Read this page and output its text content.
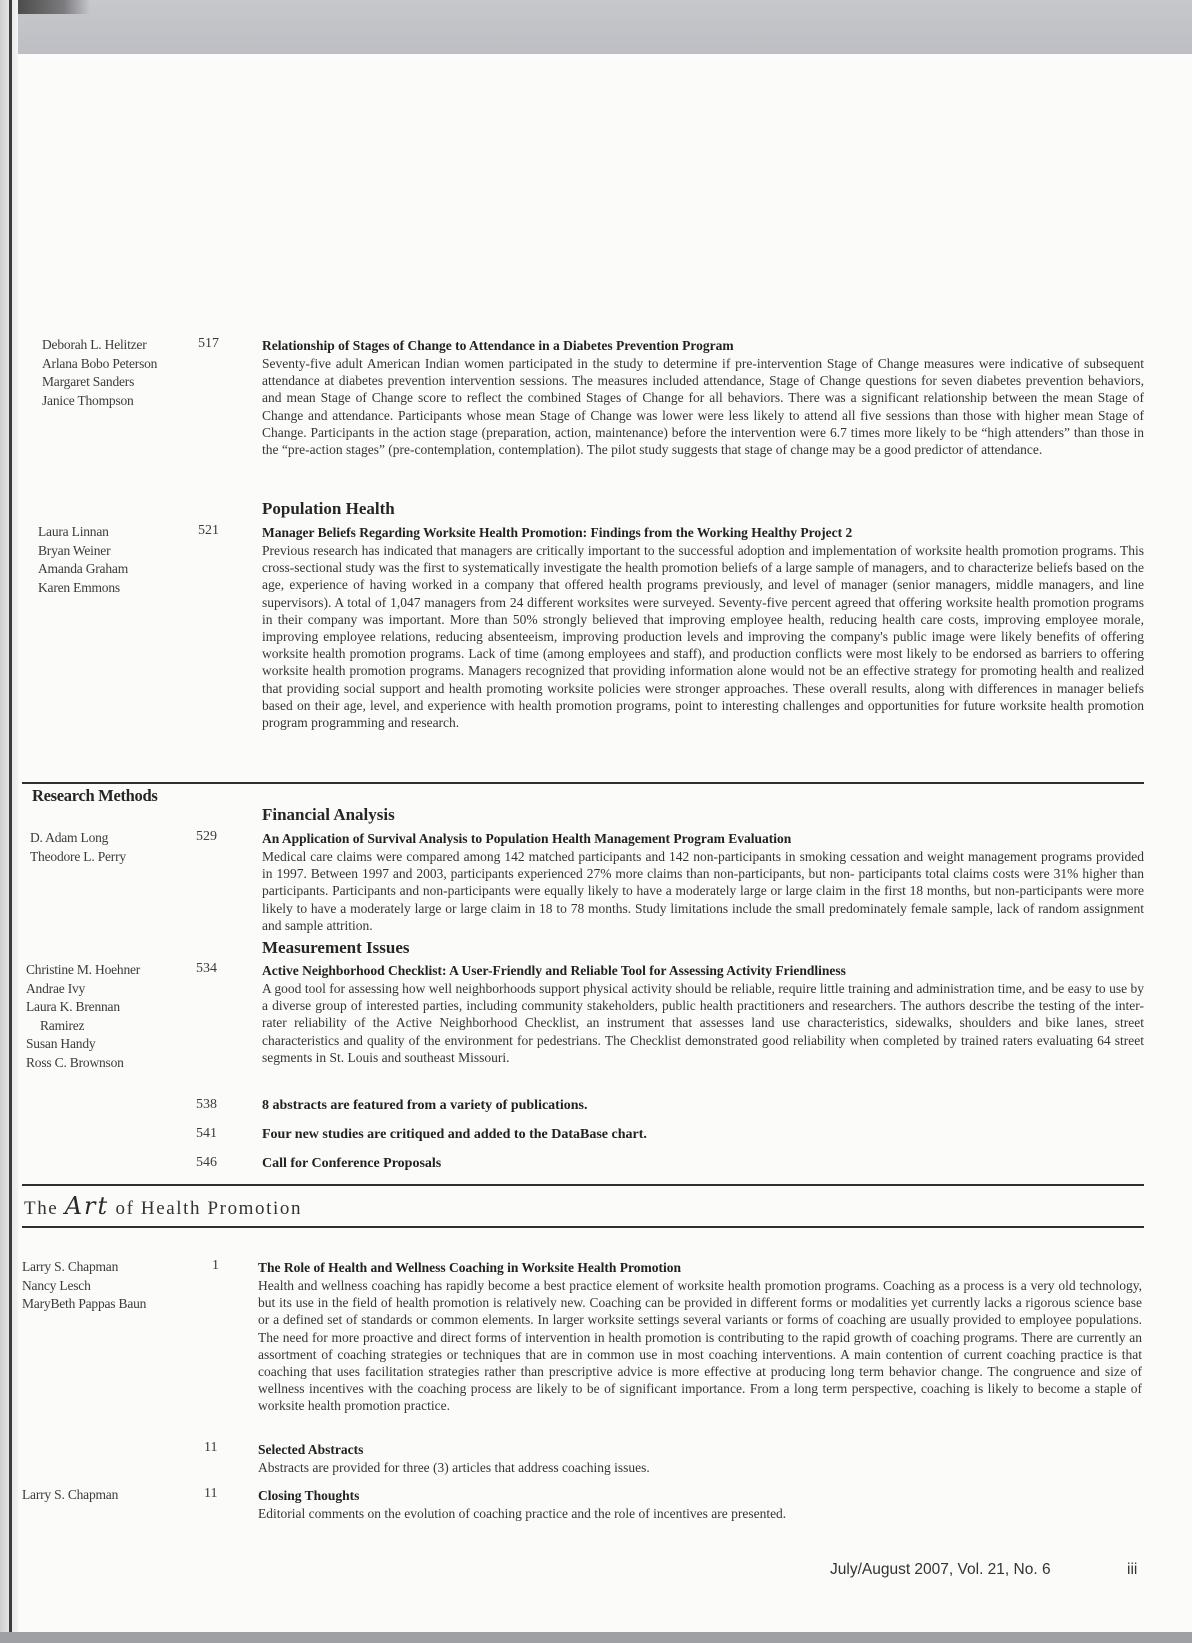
Deborah L. Helitzer
Arlana Bobo Peterson
Margaret Sanders
Janice Thompson
517	Relationship of Stages of Change to Attendance in a Diabetes Prevention Program
Seventy-five adult American Indian women participated in the study to determine if pre-intervention Stage of Change measures were indicative of subsequent attendance at diabetes prevention intervention sessions. The measures included attendance, Stage of Change questions for seven diabetes prevention behaviors, and mean Stage of Change score to reflect the combined Stages of Change for all behaviors. There was a significant relationship between the mean Stage of Change and attendance. Participants whose mean Stage of Change was lower were less likely to attend all five sessions than those with higher mean Stage of Change. Participants in the action stage (preparation, action, maintenance) before the intervention were 6.7 times more likely to be “high attenders” than those in the “pre-action stages” (pre-contemplation, contemplation). The pilot study suggests that stage of change may be a good predictor of attendance.
Population Health
Laura Linnan
Bryan Weiner
Amanda Graham
Karen Emmons
521	Manager Beliefs Regarding Worksite Health Promotion: Findings from the Working Healthy Project 2
Previous research has indicated that managers are critically important to the successful adoption and implementation of worksite health promotion programs. This cross-sectional study was the first to systematically investigate the health promotion beliefs of a large sample of managers, and to characterize beliefs based on the age, experience of having worked in a company that offered health programs previously, and level of manager (senior managers, middle managers, and line supervisors). A total of 1,047 managers from 24 different worksites were surveyed. Seventy-five percent agreed that offering worksite health promotion programs in their company was important. More than 50% strongly believed that improving employee health, reducing health care costs, improving employee morale, improving employee relations, reducing absenteeism, improving production levels and improving the company's public image were likely benefits of offering worksite health promotion programs. Lack of time (among employees and staff), and production conflicts were most likely to be endorsed as barriers to offering worksite health promotion programs. Managers recognized that providing information alone would not be an effective strategy for promoting health and realized that providing social support and health promoting worksite policies were stronger approaches. These overall results, along with differences in manager beliefs based on their age, level, and experience with health promotion programs, point to interesting challenges and opportunities for future worksite health promotion program programming and research.
Research Methods
Financial Analysis
D. Adam Long
Theodore L. Perry
529	An Application of Survival Analysis to Population Health Management Program Evaluation
Medical care claims were compared among 142 matched participants and 142 non-participants in smoking cessation and weight management programs provided in 1997. Between 1997 and 2003, participants experienced 27% more claims than non-participants, but non- participants total claims costs were 31% higher than participants. Participants and non-participants were equally likely to have a moderately large or large claim in the first 18 months, but non-participants were more likely to have a moderately large or large claim in 18 to 78 months. Study limitations include the small predominately female sample, lack of random assignment and sample attrition.
Measurement Issues
Christine M. Hoehner
Andrae Ivy
Laura K. Brennan
Ramirez
Susan Handy
Ross C. Brownson
534	Active Neighborhood Checklist: A User-Friendly and Reliable Tool for Assessing Activity Friendliness
A good tool for assessing how well neighborhoods support physical activity should be reliable, require little training and administration time, and be easy to use by a diverse group of interested parties, including community stakeholders, public health practitioners and researchers. The authors describe the testing of the inter-rater reliability of the Active Neighborhood Checklist, an instrument that assesses land use characteristics, sidewalks, shoulders and bike lanes, street characteristics and quality of the environment for pedestrians. The Checklist demonstrated good reliability when completed by trained raters evaluating 64 street segments in St. Louis and southeast Missouri.
538	8 abstracts are featured from a variety of publications.
541	Four new studies are critiqued and added to the DataBase chart.
546	Call for Conference Proposals
The Art of Health Promotion
Larry S. Chapman
Nancy Lesch
MaryBeth Pappas Baun
1	The Role of Health and Wellness Coaching in Worksite Health Promotion
Health and wellness coaching has rapidly become a best practice element of worksite health promotion programs. Coaching as a process is a very old technology, but its use in the field of health promotion is relatively new. Coaching can be provided in different forms or modalities yet currently lacks a rigorous science base or a defined set of standards or common elements. In larger worksite settings several variants or forms of coaching are usually provided to employee populations. The need for more proactive and direct forms of intervention in health promotion is contributing to the rapid growth of coaching programs. There are currently an assortment of coaching strategies or techniques that are in common use in most coaching interventions. A main contention of current coaching practice is that coaching that uses facilitation strategies rather than prescriptive advice is more effective at producing long term behavior change. The congruence and size of wellness incentives with the coaching process are likely to be of significant importance. From a long term perspective, coaching is likely to become a staple of worksite health promotion practice.
11	Selected Abstracts
Abstracts are provided for three (3) articles that address coaching issues.
Larry S. Chapman	11	Closing Thoughts
Editorial comments on the evolution of coaching practice and the role of incentives are presented.
July/August 2007, Vol. 21, No. 6	iii
